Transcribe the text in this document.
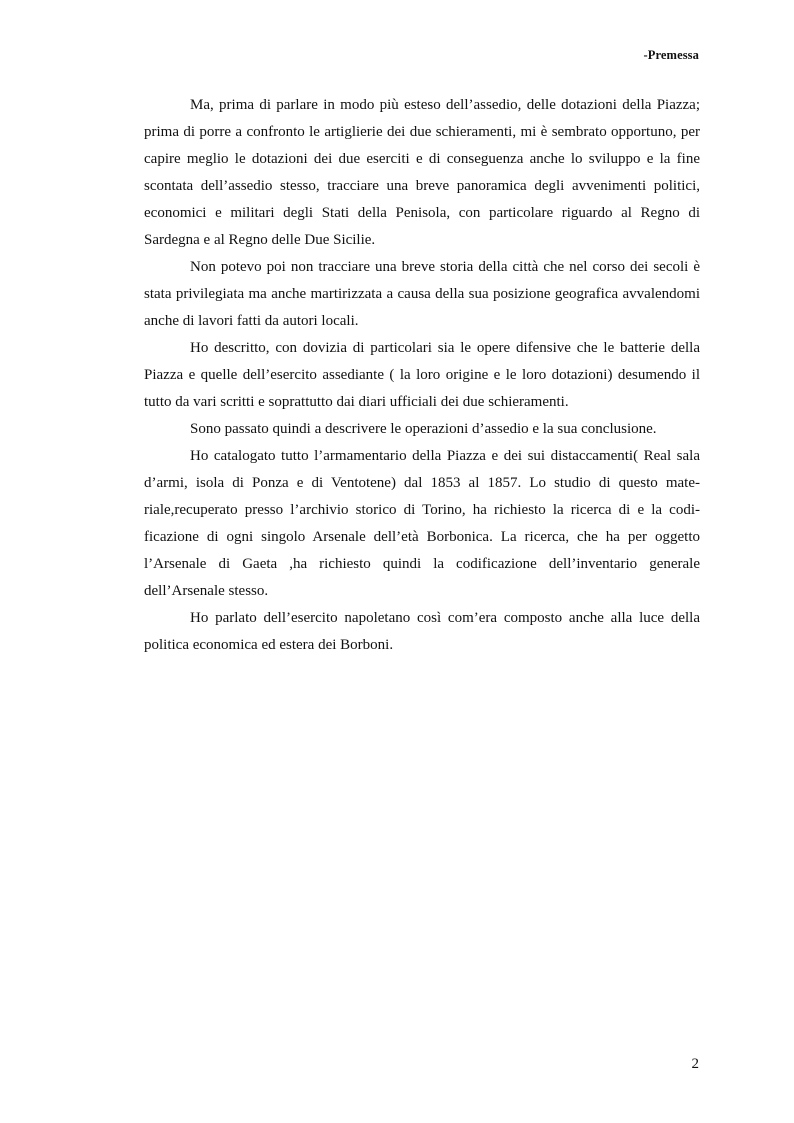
-Premessa

Ma, prima di parlare in modo più esteso dell’assedio, delle dotazioni della Piazza; prima di porre a confronto le artiglierie dei due schieramenti, mi è sembrato opportuno, per capire meglio le dotazioni dei due eserciti e di conseguenza anche lo sviluppo e la fine scontata dell’assedio stesso, tracciare una breve panoramica degli avvenimenti politici, economici e militari degli Stati della Penisola, con particolare riguardo al Regno di Sardegna e al Regno delle Due Sicilie.

Non potevo poi non tracciare una breve storia della città che nel corso dei secoli è stata privilegiata ma anche martirizzata a causa della sua posizione geografica avvalendomi anche di lavori fatti da autori locali.

Ho descritto, con dovizia di particolari sia le opere difensive che le batterie della Piazza e quelle dell’esercito assediante ( la loro origine e le loro dotazioni) desumendo il tutto da vari scritti e soprattutto dai diari ufficiali dei due schieramenti.

Sono passato quindi a descrivere le operazioni d’assedio e la sua conclusione.

Ho catalogato tutto l’armamentario della Piazza e dei sui distaccamenti( Real sala d’armi, isola di Ponza e di Ventotene) dal 1853 al 1857. Lo studio di questo materiale,recuperato presso l’archivio storico di Torino, ha richiesto la ricerca di e la codificazione di ogni singolo Arsenale dell’età Borbonica. La ricerca, che ha per oggetto l’Arsenale di Gaeta ,ha richiesto quindi la codificazione dell’inventario generale dell’Arsenale stesso.

Ho parlato dell’esercito napoletano così com’era composto anche alla luce della politica economica ed estera dei Borboni.

2
